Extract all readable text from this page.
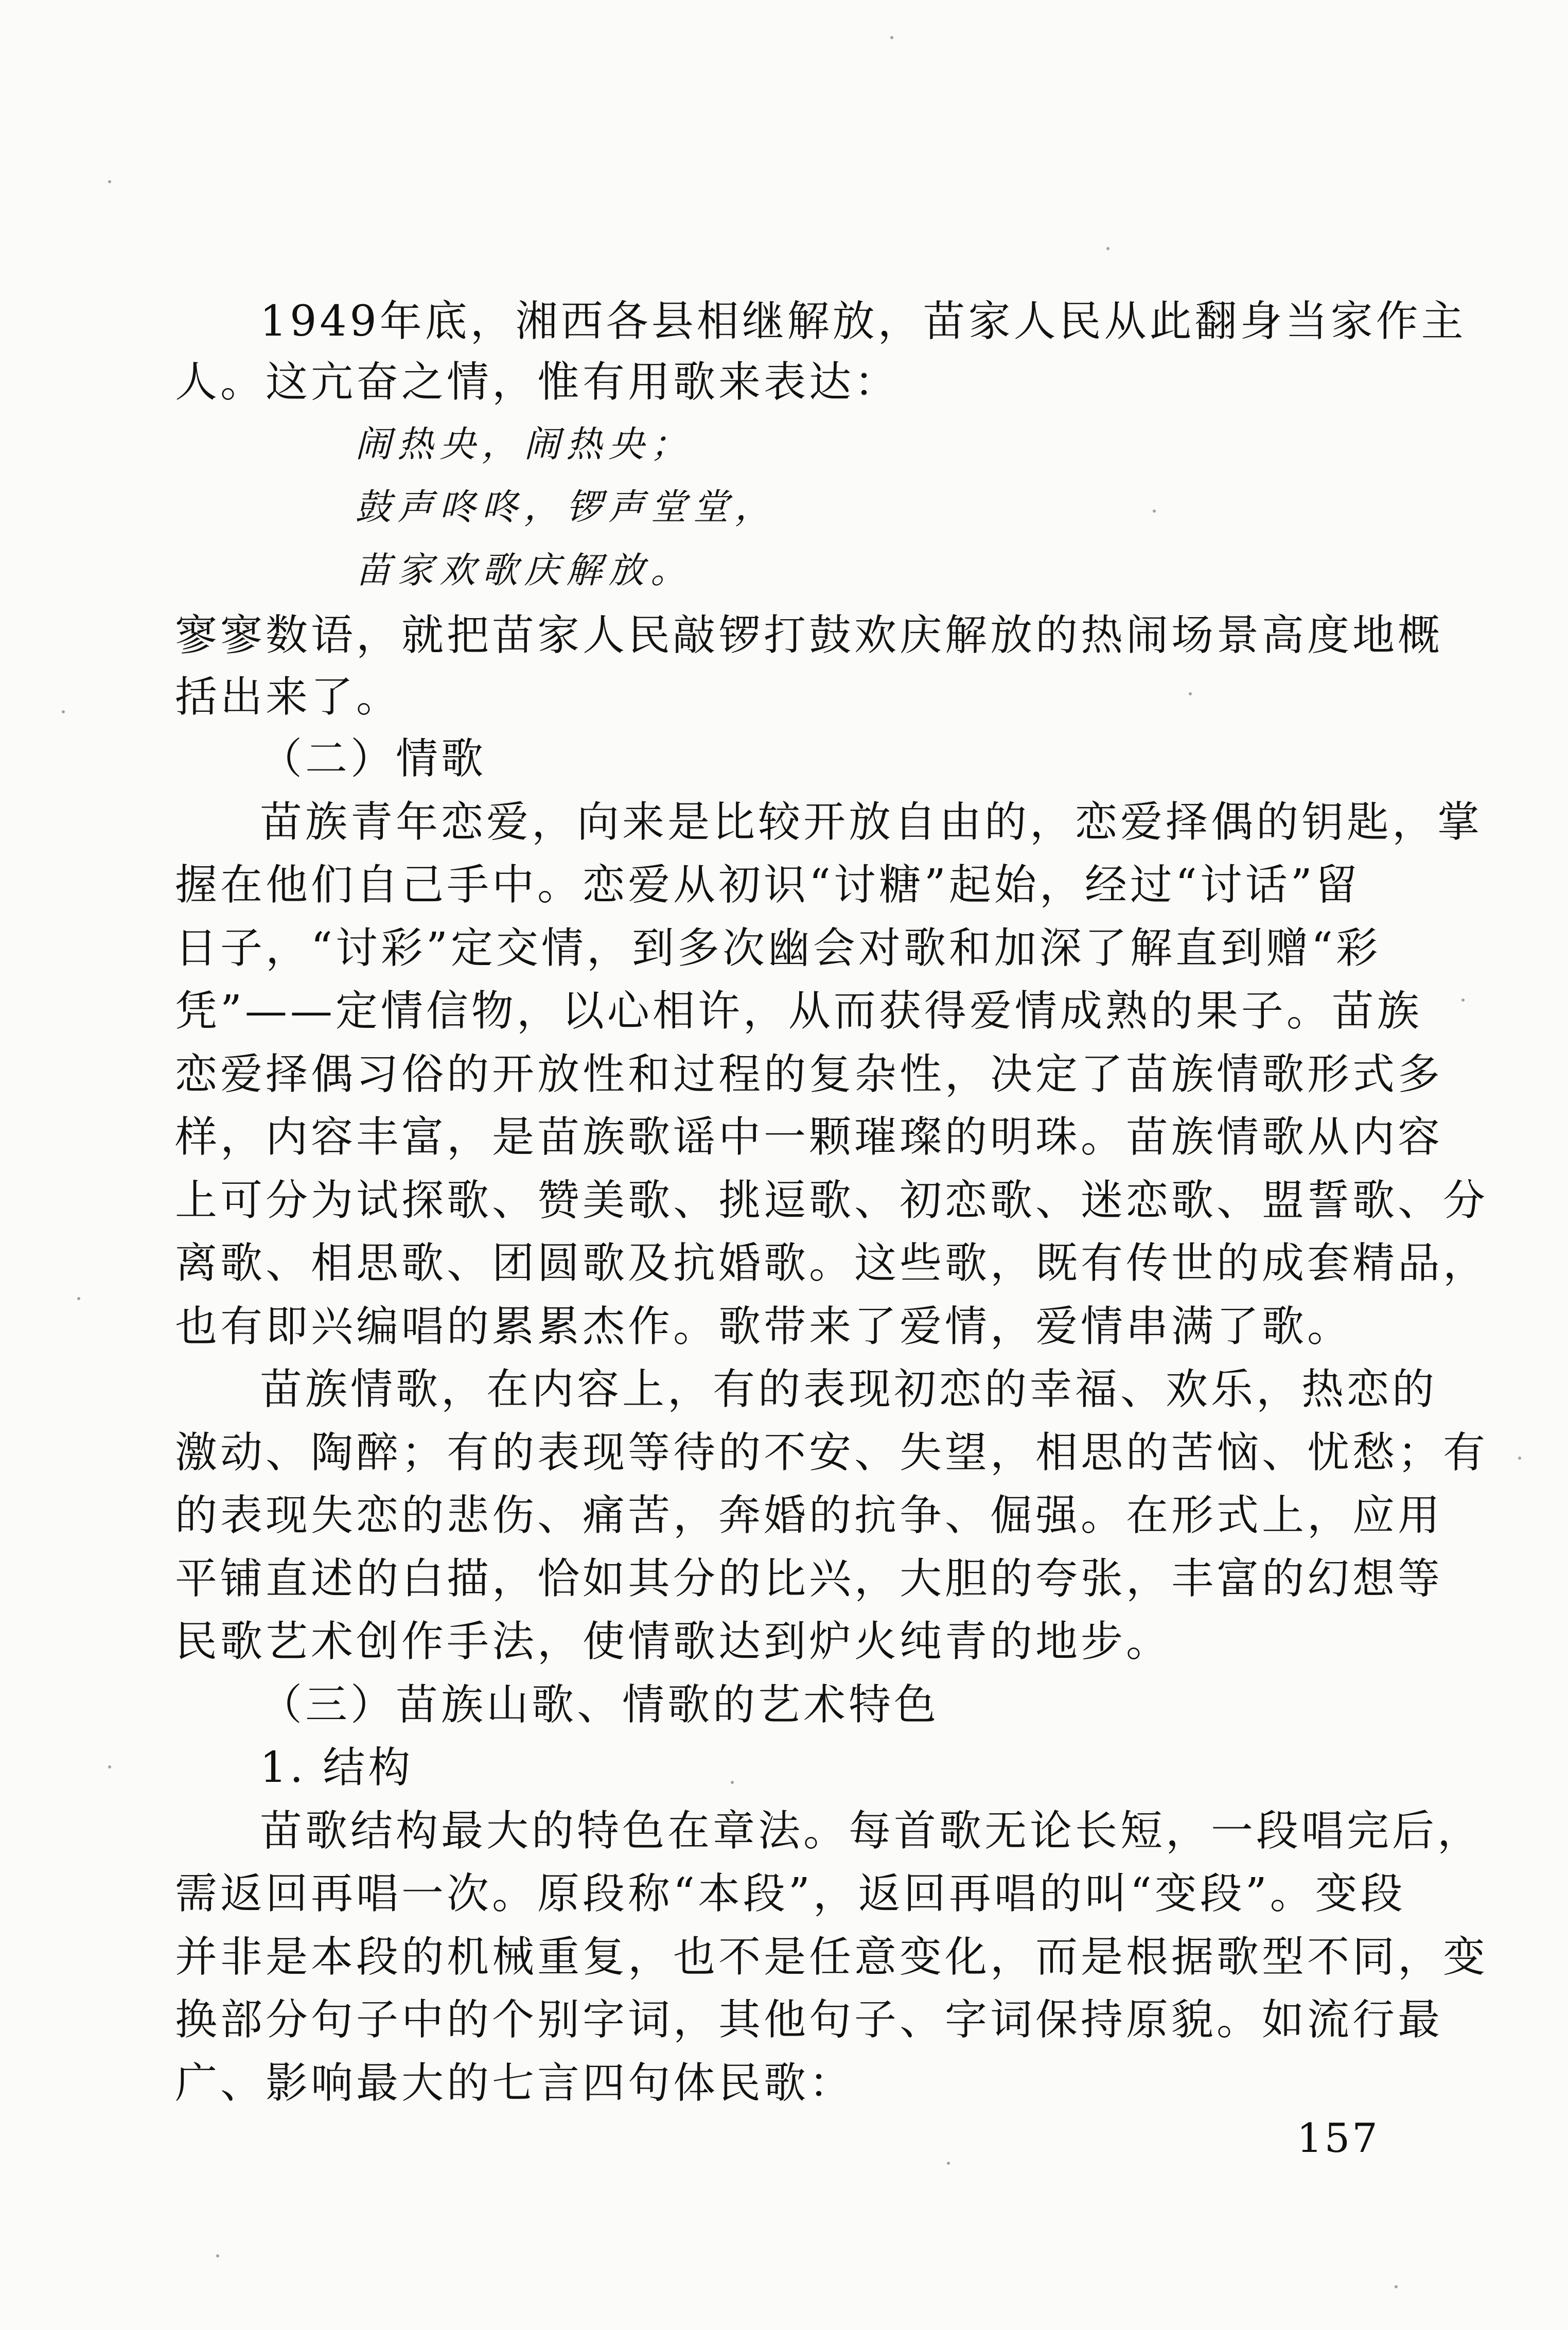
1949年底，湘西各县相继解放，苗家人民从此翻身当家作主
人。这亢奋之情，惟有用歌来表达：
闹热央，闹热央；
鼓声咚咚，锣声堂堂，
苗家欢歌庆解放。
寥寥数语，就把苗家人民敲锣打鼓欢庆解放的热闹场景高度地概
括出来了。
（二）情歌
苗族青年恋爱，向来是比较开放自由的，恋爱择偶的钥匙，掌
握在他们自己手中。恋爱从初识“讨糖”起始，经过“讨话”留
日子，“讨彩”定交情，到多次幽会对歌和加深了解直到赠“彩
凭”——定情信物，以心相许，从而获得爱情成熟的果子。苗族
恋爱择偶习俗的开放性和过程的复杂性，决定了苗族情歌形式多
样，内容丰富，是苗族歌谣中一颗璀璨的明珠。苗族情歌从内容
上可分为试探歌、赞美歌、挑逗歌、初恋歌、迷恋歌、盟誓歌、分
离歌、相思歌、团圆歌及抗婚歌。这些歌，既有传世的成套精品，
也有即兴编唱的累累杰作。歌带来了爱情，爱情串满了歌。
苗族情歌，在内容上，有的表现初恋的幸福、欢乐，热恋的
激动、陶醉；有的表现等待的不安、失望，相思的苦恼、忧愁；有
的表现失恋的悲伤、痛苦，奔婚的抗争、倔强。在形式上，应用
平铺直述的白描，恰如其分的比兴，大胆的夸张，丰富的幻想等
民歌艺术创作手法，使情歌达到炉火纯青的地步。
（三）苗族山歌、情歌的艺术特色
1. 结构
苗歌结构最大的特色在章法。每首歌无论长短，一段唱完后，
需返回再唱一次。原段称“本段”，返回再唱的叫“变段”。变段
并非是本段的机械重复，也不是任意变化，而是根据歌型不同，变
换部分句子中的个别字词，其他句子、字词保持原貌。如流行最
广、影响最大的七言四句体民歌：
157
